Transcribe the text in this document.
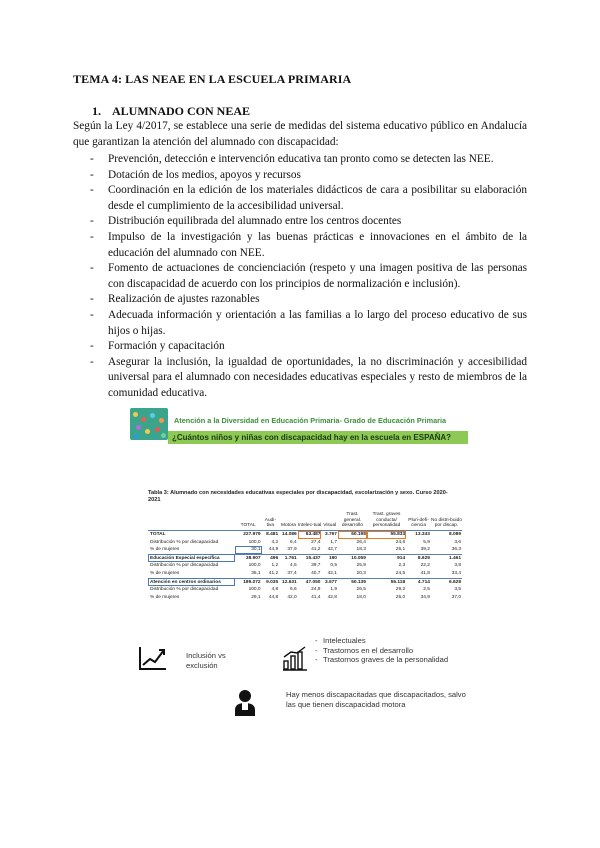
TEMA 4: LAS NEAE EN LA ESCUELA PRIMARIA
1. ALUMNADO CON NEAE
Según la Ley 4/2017, se establece una serie de medidas del sistema educativo público en Andalucía que garantizan la atención del alumnado con discapacidad:
- Prevención, detección e intervención educativa tan pronto como se detecten las NEE.
- Dotación de los medios, apoyos y recursos
- Coordinación en la edición de los materiales didácticos de cara a posibilitar su elaboración desde el cumplimiento de la accesibilidad universal.
- Distribución equilibrada del alumnado entre los centros docentes
- Impulso de la investigación y las buenas prácticas e innovaciones en el ámbito de la educación del alumnado con NEE.
- Fomento de actuaciones de concienciación (respeto y una imagen positiva de las personas con discapacidad de acuerdo con los principios de normalización e inclusión).
- Realización de ajustes razonables
- Adecuada información y orientación a las familias a lo largo del proceso educativo de sus hijos o hijas.
- Formación y capacitación
- Asegurar la inclusión, la igualdad de oportunidades, la no discriminación y accesibilidad universal para el alumnado con necesidades educativas especiales y resto de miembros de la comunidad educativa.
Atención a la Diversidad en Educación Primaria- Grado de Educación Primaria
¿Cuántos niños y niñas con discapacidad hay en la escuela en ESPAÑA?
Tabla 3: Alumnado con necesidades educativas especiales por discapacidad, escolarización y sexo. Curso 2020-2021
	TOTAL	Audi-tiva	Motora	Intelec-tual	Visual	Trast. general. desarrollo	Trast. graves conducta/ personalidad	Pluri-defi-ciencia	No distri-buido por discap.
TOTAL	227.979	8.481	14.086	63.487	3.767	60.198	55.833	13.343	8.089
Distribución % por discapacidad	100,0	4,2	6,4	27,4	1,7	26,4	24,6	5,9	3,6
% de mujeres	30,1	44,9	37,9	41,2	42,7	18,3	25,1	39,2	36,3
Educación Especial específica	38.907	496	1.761	15.437	190	10.059	914	8.629	1.461
Distribución % por discapacidad	100,0	1,2	4,5	39,7	0,5	25,9	2,3	22,2	3,8
% de mujeres	35,1	41,2	37,4	40,7	42,1	20,3	24,5	41,8	33,4
Atención en centros ordinarios	189.072	9.035	12.631	47.050	3.577	50.139	55.118	4.714	6.628
Distribución % por discapacidad	100,0	4,8	6,6	24,9	1,9	26,5	29,2	2,5	3,5
% de mujeres	29,1	44,8	42,0	41,4	42,8	18,0	25,0	34,9	37,0
Inclusión vs exclusión
- Intelectuales
- Trastornos en el desarrollo
- Trastornos graves de la personalidad
Hay menos discapacitadas que discapacitados, salvo las que tienen discapacidad motora
